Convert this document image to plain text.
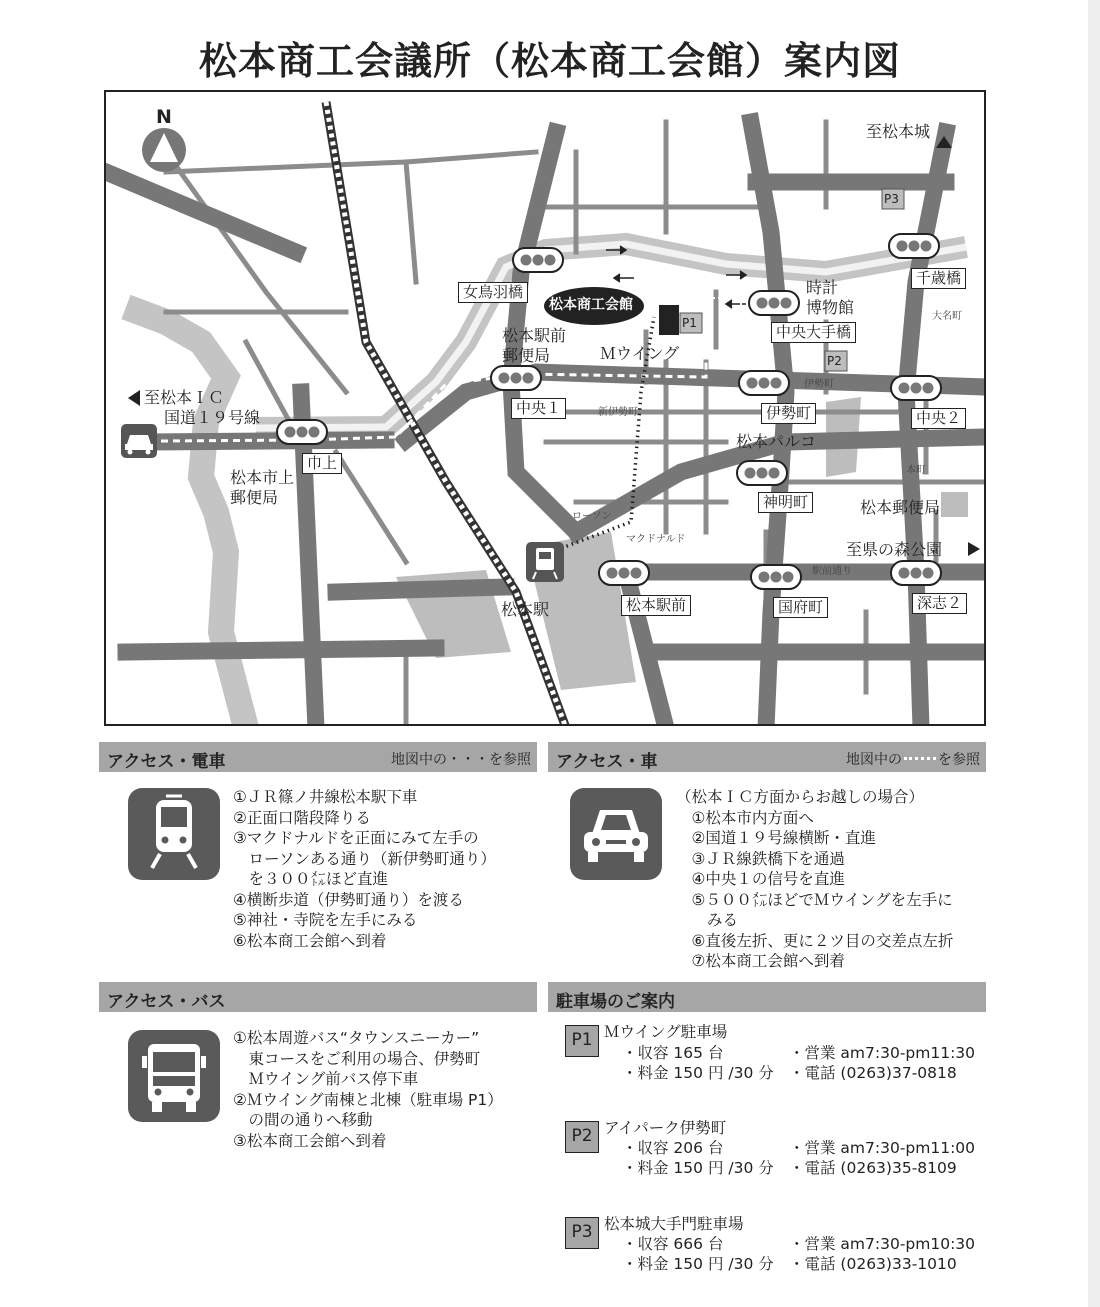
松本商工会議所（松本商工会館）案内図
N
至松本城
至松本ＩＣ
国道１９号線
至県の森公園
松本商工会館
松本駅
女鳥羽橋
千歳橋
中央大手橋
中央１
中央２
伊勢町
巾上
神明町
松本駅前	国府町	深志２
松本駅前
郵便局	Ｍウイング
時計
博物館
松本パルコ
松本郵便局
松本市上
郵便局
ローソン
マクドナルド
新伊勢町
伊勢町
駅前通り
本町
大名町
P1
P2
P3
アクセス・電車	地図中の・・・を参照
①ＪＲ篠ノ井線松本駅下車
②正面口階段降りる
③マクドナルドを正面にみて左手の
　ローソンある通り（新伊勢町通り）
　を３００㍍ほど直進
④横断歩道（伊勢町通り）を渡る
⑤神社・寺院を左手にみる
⑥松本商工会館へ到着
アクセス・車	地図中の	を参照
（松本ＩＣ方面からお越しの場合）
　①松本市内方面へ
　②国道１９号線横断・直進
　③ＪＲ線鉄橋下を通過
　④中央１の信号を直進
　⑤５００㍍ほどでＭウイングを左手に
　　みる
　⑥直後左折、更に２ツ目の交差点左折
　⑦松本商工会館へ到着
アクセス・バス
①松本周遊バス“タウンスニーカー”
　東コースをご利用の場合、伊勢町
　Ｍウイング前バス停下車
②Ｍウイング南棟と北棟（駐車場 P1）
　の間の通りへ移動
③松本商工会館へ到着
駐車場のご案内
P1 Ｍウイング駐車場
・収容 165 台
・料金 150 円 /30 分
・営業 am7:30-pm11:30
・電話 (0263)37-0818
P2 アイパーク伊勢町
・収容 206 台
・料金 150 円 /30 分
・営業 am7:30-pm11:00
・電話 (0263)35-8109
P3 松本城大手門駐車場
・収容 666 台
・料金 150 円 /30 分
・営業 am7:30-pm10:30
・電話 (0263)33-1010
